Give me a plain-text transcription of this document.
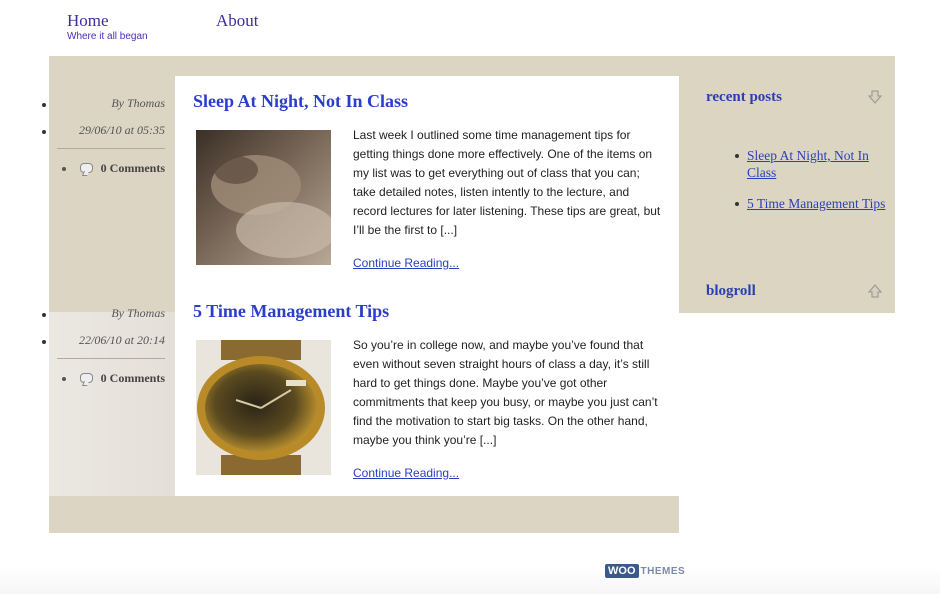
Home
Where it all began
About
By Thomas
29/06/10 at 05:35
0 Comments
By Thomas
22/06/10 at 20:14
0 Comments
Sleep At Night, Not In Class

Last week I outlined some time management tips for getting things done more effectively. One of the items on my list was to get everything out of class that you can; take detailed notes, listen intently to the lecture, and record lectures for later listening. These tips are great, but I’ll be the first to [...]

Continue Reading...
5 Time Management Tips

So you’re in college now, and maybe you’ve found that even without seven straight hours of class a day, it’s still hard to get things done. Maybe you’ve got other commitments that keep you busy, or maybe you just can’t find the motivation to start big tasks. On the other hand, maybe you think you’re [...]

Continue Reading...
recent posts
Sleep At Night, Not In Class
5 Time Management Tips
blogroll
WOO THEMES
